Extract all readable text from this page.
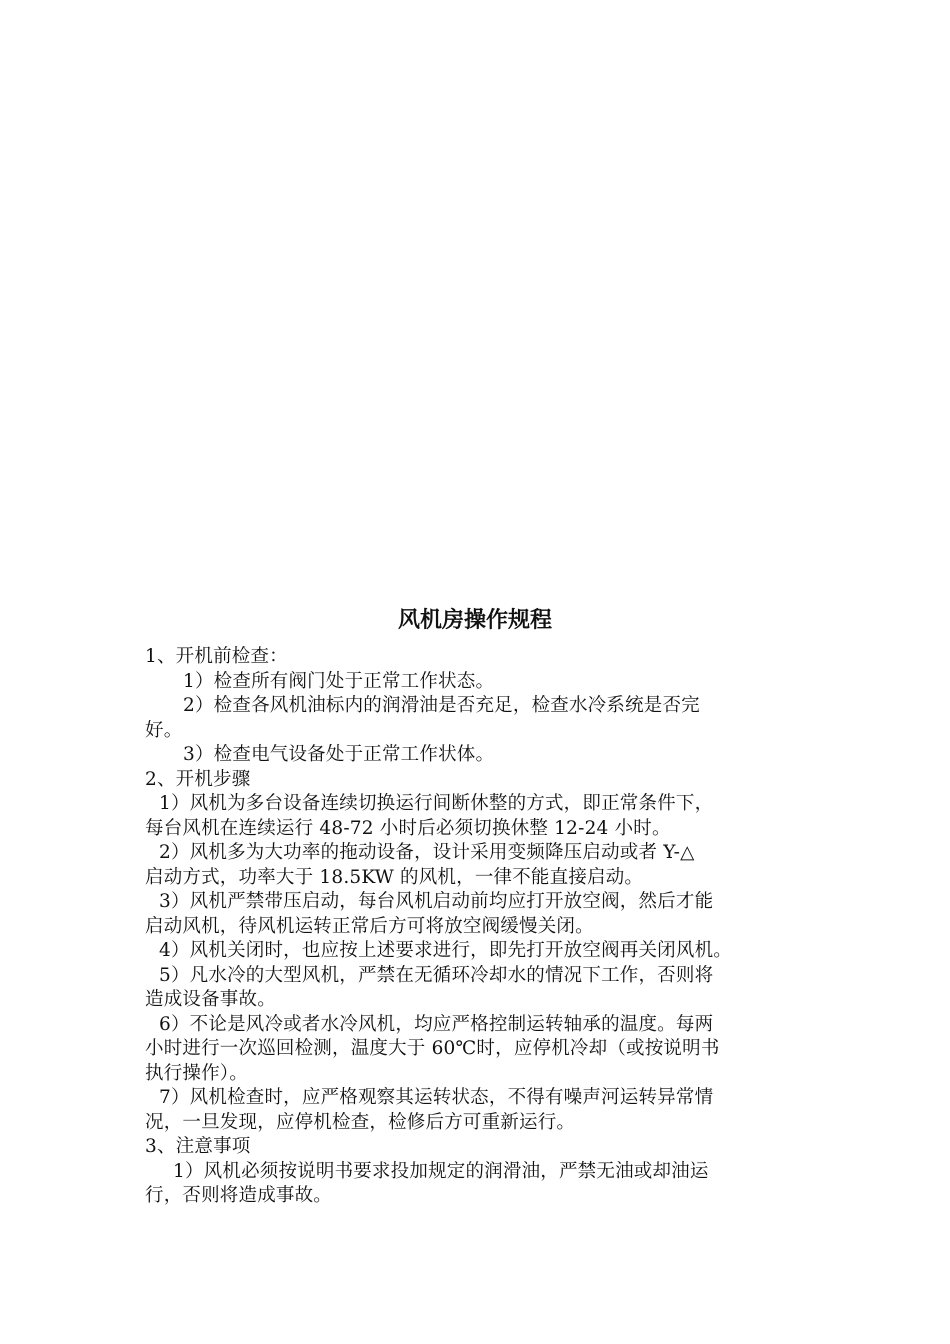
风机房操作规程
1、开机前检查：
1）检查所有阀门处于正常工作状态。
2）检查各风机油标内的润滑油是否充足，检查水冷系统是否完
好。
3）检查电气设备处于正常工作状体。
2、开机步骤
1）风机为多台设备连续切换运行间断休整的方式，即正常条件下，
每台风机在连续运行 48-72 小时后必须切换休整 12-24 小时。
2）风机多为大功率的拖动设备，设计采用变频降压启动或者 Y-△
启动方式，功率大于 18.5KW 的风机，一律不能直接启动。
3）风机严禁带压启动，每台风机启动前均应打开放空阀，然后才能
启动风机，待风机运转正常后方可将放空阀缓慢关闭。
4）风机关闭时，也应按上述要求进行，即先打开放空阀再关闭风机。
5）凡水冷的大型风机，严禁在无循环冷却水的情况下工作，否则将
造成设备事故。
6）不论是风冷或者水冷风机，均应严格控制运转轴承的温度。每两
小时进行一次巡回检测，温度大于 60℃时，应停机冷却（或按说明书
执行操作）。
7）风机检查时，应严格观察其运转状态，不得有噪声河运转异常情
况，一旦发现，应停机检查，检修后方可重新运行。
3、注意事项
1）风机必须按说明书要求投加规定的润滑油，严禁无油或却油运
行，否则将造成事故。
